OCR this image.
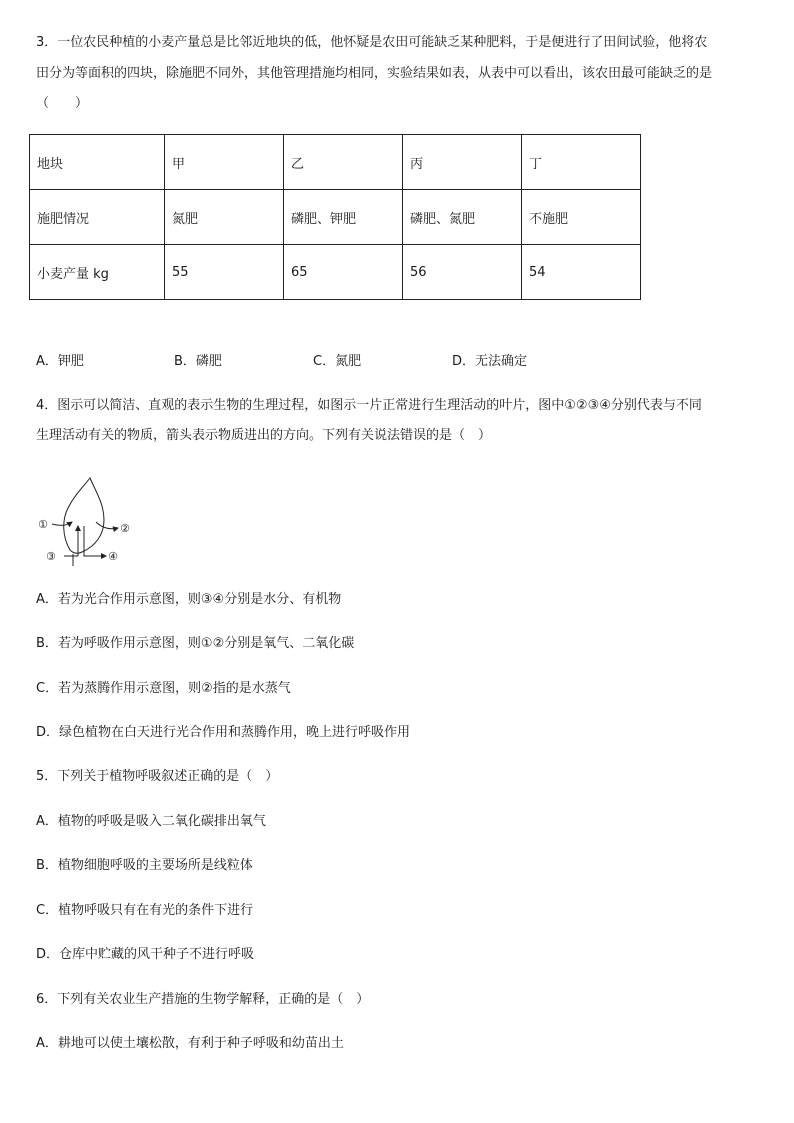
3．一位农民种植的小麦产量总是比邻近地块的低，他怀疑是农田可能缺乏某种肥料，于是便进行了田间试验，他将农
田分为等面积的四块，除施肥不同外，其他管理措施均相同，实验结果如表，从表中可以看出，该农田最可能缺乏的是
（　　）
地块	甲	乙	丙	丁
施肥情况	氮肥	磷肥、钾肥	磷肥、氮肥	不施肥
小麦产量 kg	55	65	56	54
A．钾肥	B．磷肥	C．氮肥	D．无法确定
4．图示可以简洁、直观的表示生物的生理过程，如图示一片正常进行生理活动的叶片，图中①②③④分别代表与不同
生理活动有关的物质，箭头表示物质进出的方向。下列有关说法错误的是（　）
①	②
③	④
A．若为光合作用示意图，则③④分别是水分、有机物
B．若为呼吸作用示意图，则①②分别是氧气、二氧化碳
C．若为蒸腾作用示意图，则②指的是水蒸气
D．绿色植物在白天进行光合作用和蒸腾作用，晚上进行呼吸作用
5．下列关于植物呼吸叙述正确的是（　）
A．植物的呼吸是吸入二氧化碳排出氧气
B．植物细胞呼吸的主要场所是线粒体
C．植物呼吸只有在有光的条件下进行
D．仓库中贮藏的风干种子不进行呼吸
6．下列有关农业生产措施的生物学解释，正确的是（　）
A．耕地可以使土壤松散，有利于种子呼吸和幼苗出土
